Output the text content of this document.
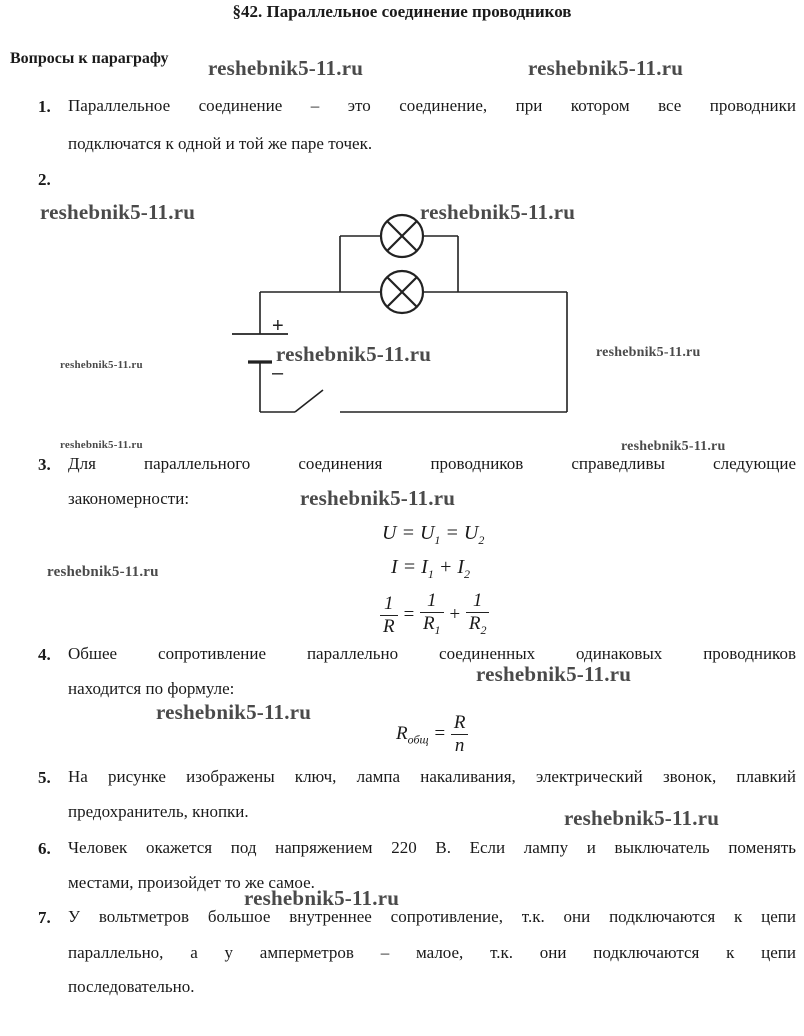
§42. Параллельное соединение проводников
Вопросы к параграфу
1. Параллельное соединение – это соединение, при котором все проводники
подключатся к одной и той же паре точек.
2.
+
–
3. Для параллельного соединения проводников справедливы следующие
закономерности:
$U = U_1 = U_2$
$I = I_1 + I_2$
$\frac{1}{R} = \frac{1}{R_1} + \frac{1}{R_2}$
4. Обшее сопротивление параллельно соединенных одинаковых проводников
находится по формуле:
$R_{общ} = \frac{R}{n}$
5. На рисунке изображены ключ, лампа накаливания, электрический звонок, плавкий
предохранитель, кнопки.
6. Человек окажется под напряжением 220 В. Если лампу и выключатель поменять
местами, произойдет то же самое.
7. У вольтметров большое внутреннее сопротивление, т.к. они подключаются к цепи
параллельно, а у амперметров – малое, т.к. они подключаются к цепи
последовательно.
reshebnik5-11.ru	reshebnik5-11.ru
reshebnik5-11.ru	reshebnik5-11.ru
reshebnik5-11.ru
reshebnik5-11.ru
reshebnik5-11.ru
reshebnik5-11.ru	reshebnik5-11.ru
reshebnik5-11.ru
reshebnik5-11.ru
reshebnik5-11.ru
reshebnik5-11.ru
reshebnik5-11.ru
reshebnik5-11.ru
